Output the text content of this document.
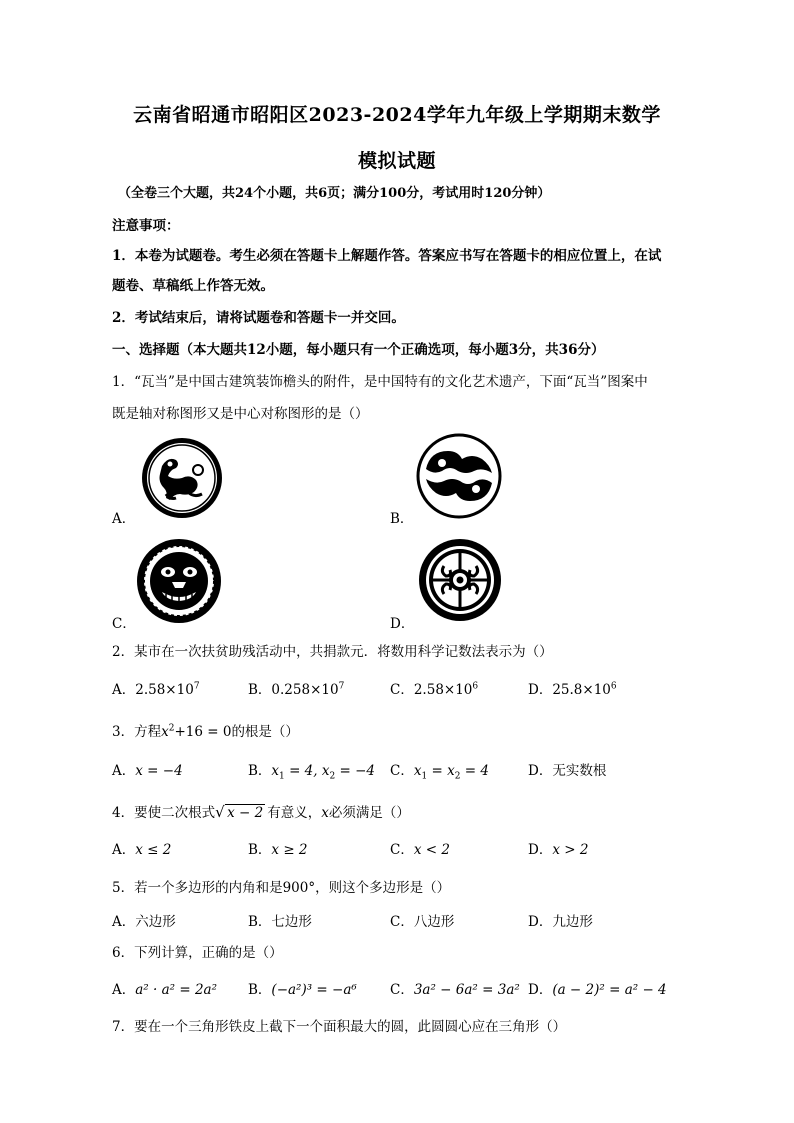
云南省昭通市昭阳区2023-2024学年九年级上学期期末数学
模拟试题
（全卷三个大题，共24个小题，共6页；满分100分，考试用时120分钟）
注意事项：
1．本卷为试题卷。考生必须在答题卡上解题作答。答案应书写在答题卡的相应位置上，在试
题卷、草稿纸上作答无效。
2．考试结束后，请将试题卷和答题卡一并交回。
一、选择题（本大题共12小题，每小题只有一个正确选项，每小题3分，共36分）
1．“瓦当”是中国古建筑装饰檐头的附件，是中国特有的文化艺术遗产，下面“瓦当”图案中
既是轴对称图形又是中心对称图形的是（）
A．	B．
C．	D．
2．某市在一次扶贫助残活动中，共捐款元．将数用科学记数法表示为（）
A．$2.58\times 10^7$	B．$0.258\times 10^7$	C．$2.58\times 10^6$	D．$25.8\times 10^6$
3．方程$x^2+16 = 0$的根是（）
A．x = −4	B．$x_1 = 4$, $x_2 = -4$ C．$x_1 = x_2 = 4$	D．无实数根
4．要使二次根式 √ x − 2 有意义，x必须满足（）
A．x ≤ 2	B．x ≥ 2	C．x < 2	D．x > 2
5．若一个多边形的内角和是900°，则这个多边形是（）
A．六边形	B．七边形	C．八边形	D．九边形
6．下列计算，正确的是（）
A．a² · a² = 2a² B．(−a²)³ = −a⁶ C．3a² − 6a² = 3a² D．(a − 2)² = a² − 4
7．要在一个三角形铁皮上截下一个面积最大的圆，此圆圆心应在三角形（）
